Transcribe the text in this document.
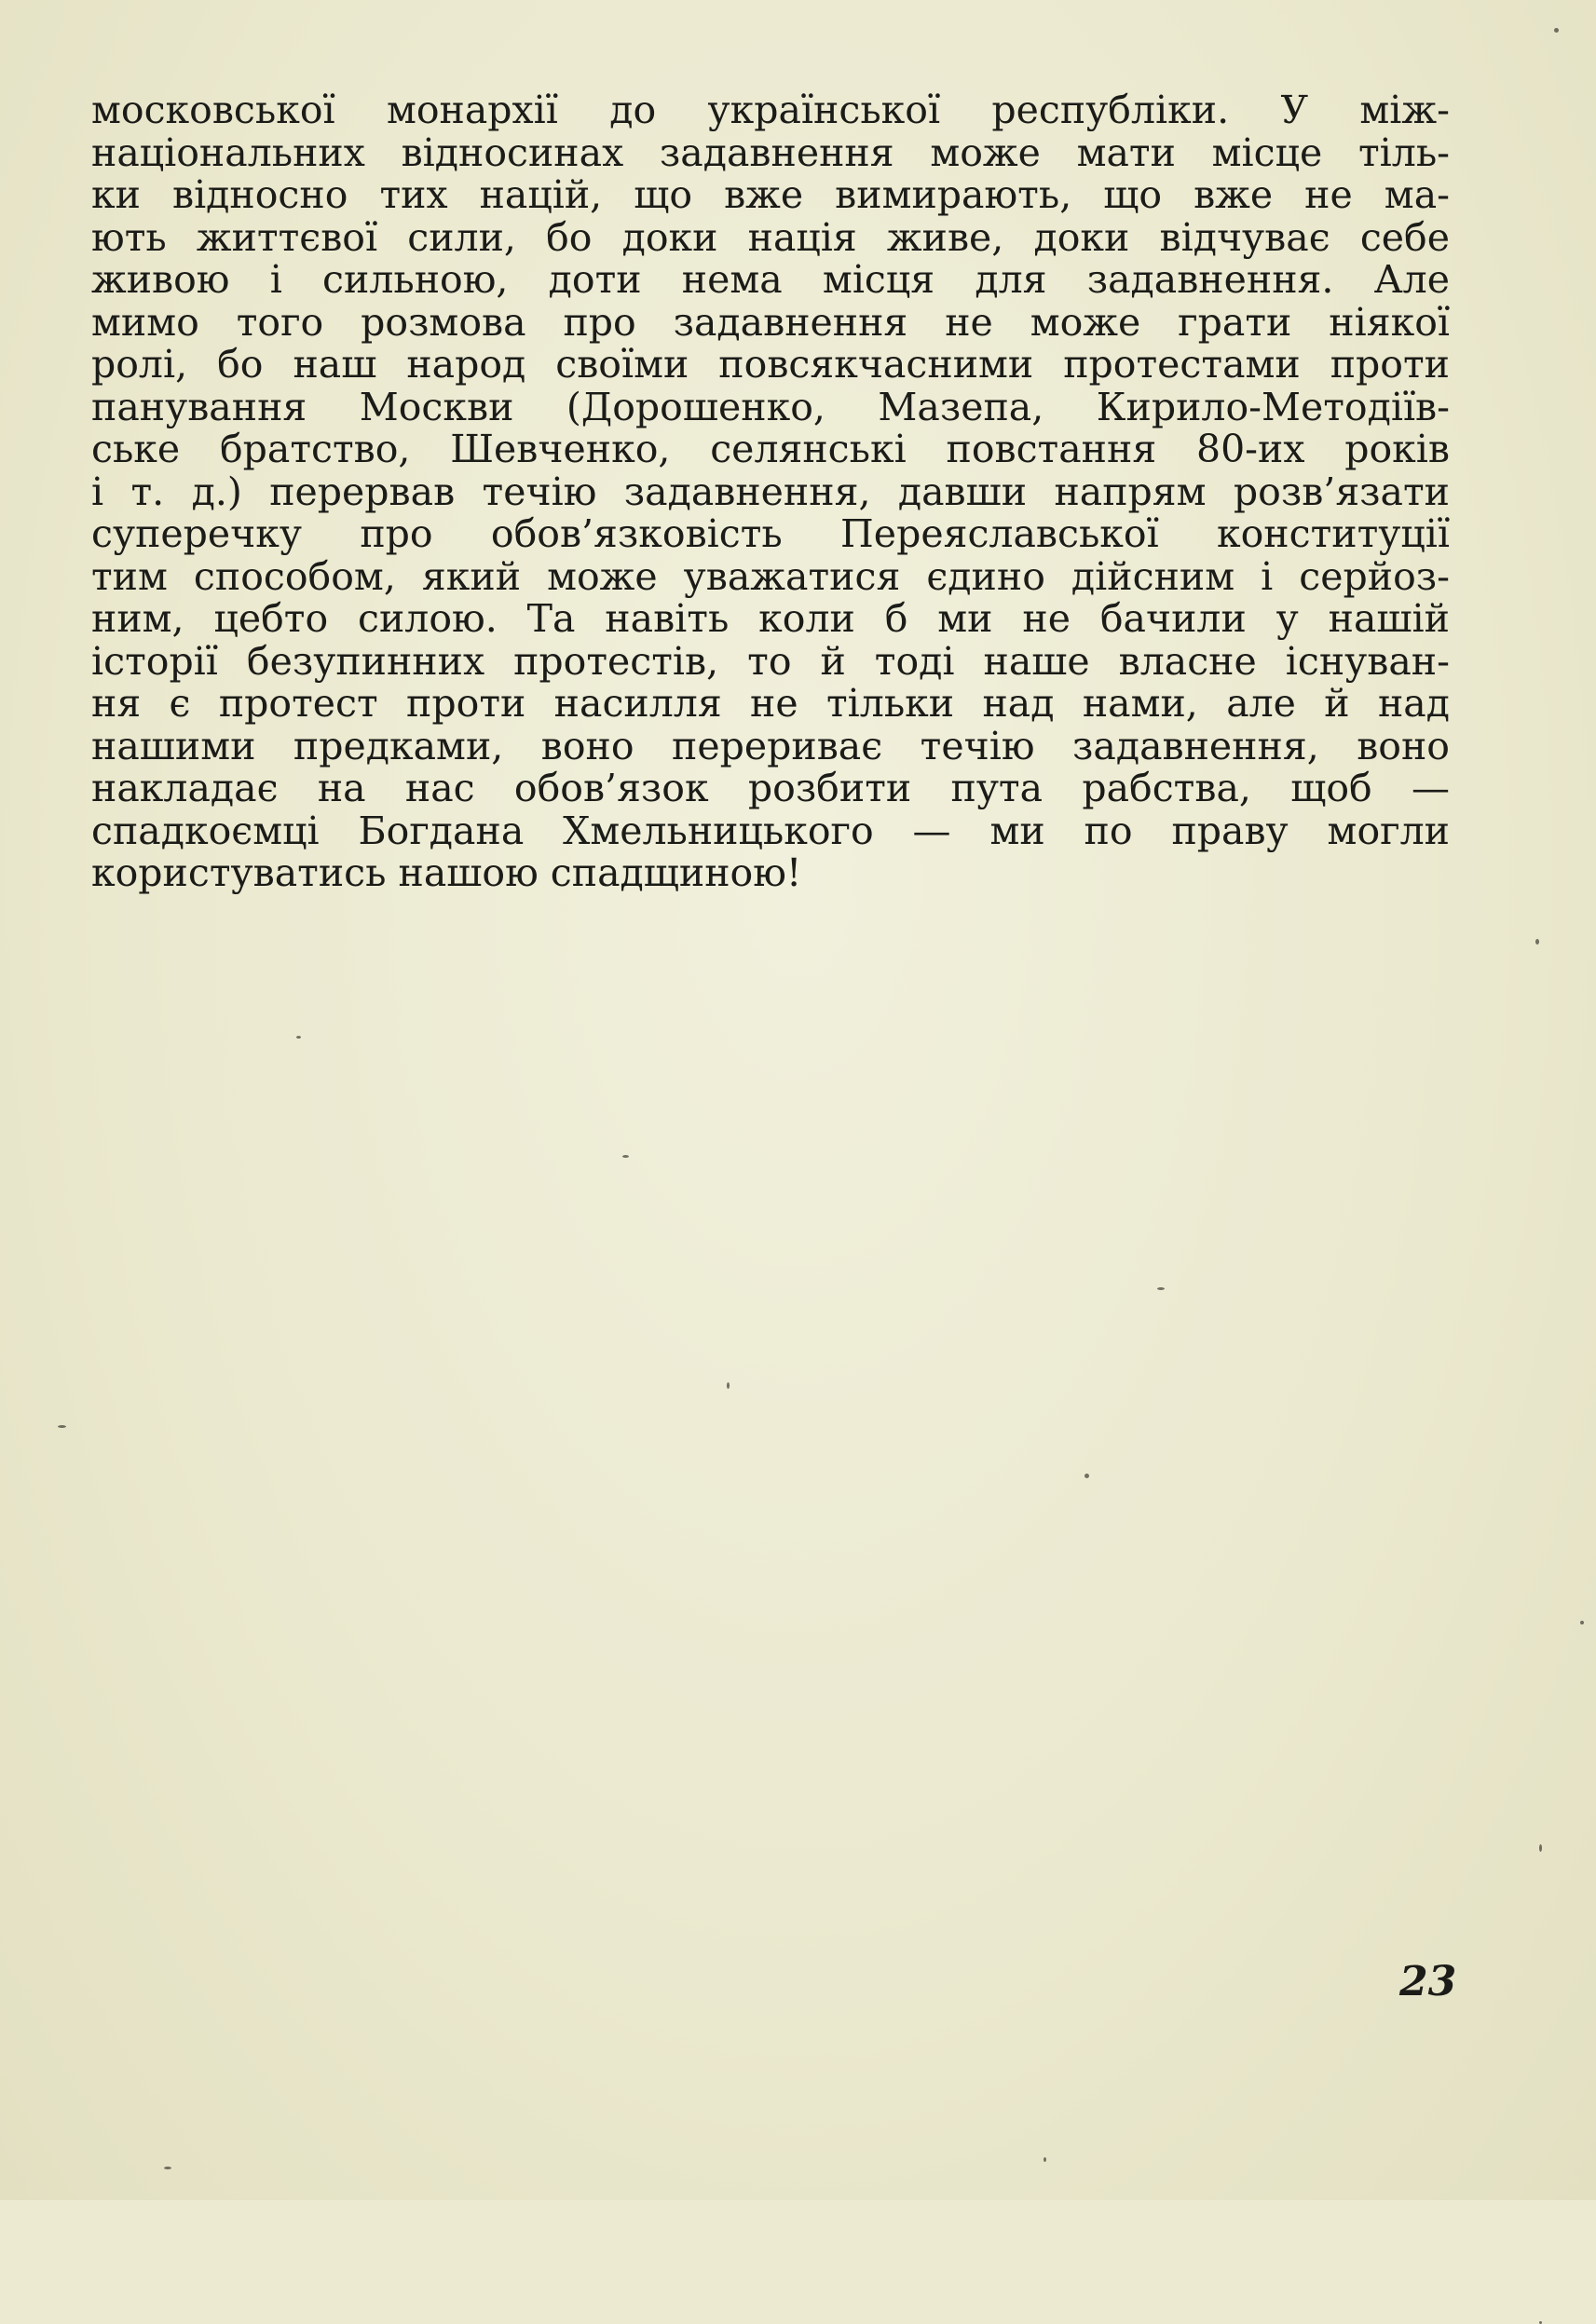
московської монархії до української республіки. У між-
національних відносинах задавнення може мати місце тіль-
ки відносно тих націй, що вже вимирають, що вже не ма-
ють життєвої сили, бо доки нація живе, доки відчуває себе
живою і сильною, доти нема місця для задавнення. Але
мимо того розмова про задавнення не може грати ніякої
ролі, бо наш народ своїми повсякчасними протестами проти
панування Москви (Дорошенко, Мазепа, Кирило-Методіїв-
ське братство, Шевченко, селянські повстання 80-их років
і т. д.) перервав течію задавнення, давши напрям розв’язати
суперечку про обов’язковість Переяславської конституції
тим способом, який може уважатися єдино дійсним і серйоз-
ним, цебто силою. Та навіть коли б ми не бачили у нашій
історії безупинних протестів, то й тоді наше власне існуван-
ня є протест проти насилля не тільки над нами, але й над
нашими предками, воно перериває течію задавнення, воно
накладає на нас обов’язок розбити пута рабства, щоб —
спадкоємці Богдана Хмельницького — ми по праву могли
користуватись нашою спадщиною!
23
